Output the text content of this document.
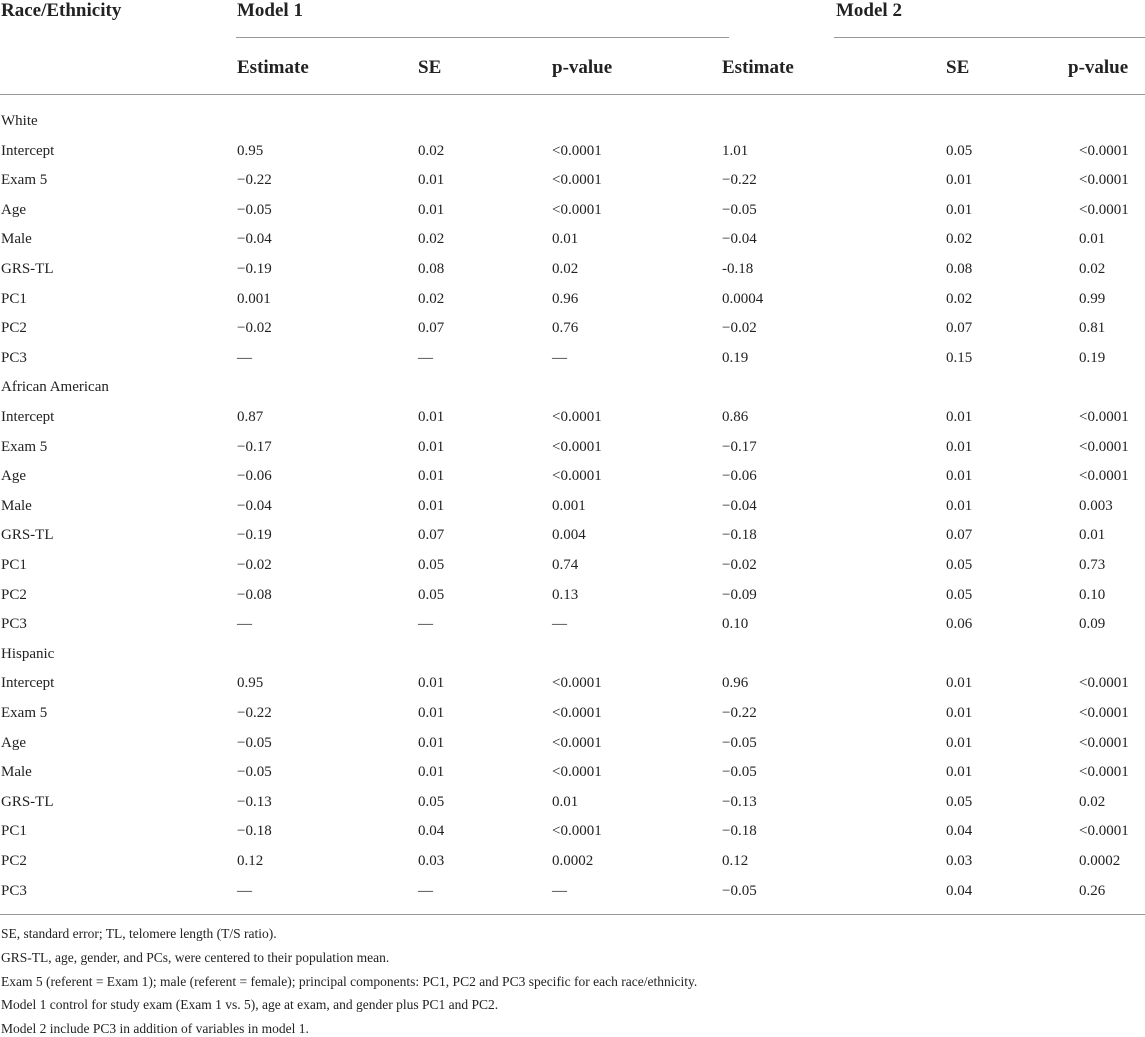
Race/Ethnicity	Model 1	Model 2
Estimate	SE	p-value	Estimate	SE	p-value
White
Intercept	0.95	0.02	<0.0001	1.01	0.05	<0.0001
Exam 5	−0.22	0.01	<0.0001	−0.22	0.01	<0.0001
Age	−0.05	0.01	<0.0001	−0.05	0.01	<0.0001
Male	−0.04	0.02	0.01	−0.04	0.02	0.01
GRS-TL	−0.19	0.08	0.02	-0.18	0.08	0.02
PC1	0.001	0.02	0.96	0.0004	0.02	0.99
PC2	−0.02	0.07	0.76	−0.02	0.07	0.81
PC3	—	—	—	0.19	0.15	0.19
African American
Intercept	0.87	0.01	<0.0001	0.86	0.01	<0.0001
Exam 5	−0.17	0.01	<0.0001	−0.17	0.01	<0.0001
Age	−0.06	0.01	<0.0001	−0.06	0.01	<0.0001
Male	−0.04	0.01	0.001	−0.04	0.01	0.003
GRS-TL	−0.19	0.07	0.004	−0.18	0.07	0.01
PC1	−0.02	0.05	0.74	−0.02	0.05	0.73
PC2	−0.08	0.05	0.13	−0.09	0.05	0.10
PC3	—	—	—	0.10	0.06	0.09
Hispanic
Intercept	0.95	0.01	<0.0001	0.96	0.01	<0.0001
Exam 5	−0.22	0.01	<0.0001	−0.22	0.01	<0.0001
Age	−0.05	0.01	<0.0001	−0.05	0.01	<0.0001
Male	−0.05	0.01	<0.0001	−0.05	0.01	<0.0001
GRS-TL	−0.13	0.05	0.01	−0.13	0.05	0.02
PC1	−0.18	0.04	<0.0001	−0.18	0.04	<0.0001
PC2	0.12	0.03	0.0002	0.12	0.03	0.0002
PC3	—	—	—	−0.05	0.04	0.26
SE, standard error; TL, telomere length (T/S ratio).
GRS-TL, age, gender, and PCs, were centered to their population mean.
Exam 5 (referent = Exam 1); male (referent = female); principal components: PC1, PC2 and PC3 specific for each race/ethnicity.
Model 1 control for study exam (Exam 1 vs. 5), age at exam, and gender plus PC1 and PC2.
Model 2 include PC3 in addition of variables in model 1.
